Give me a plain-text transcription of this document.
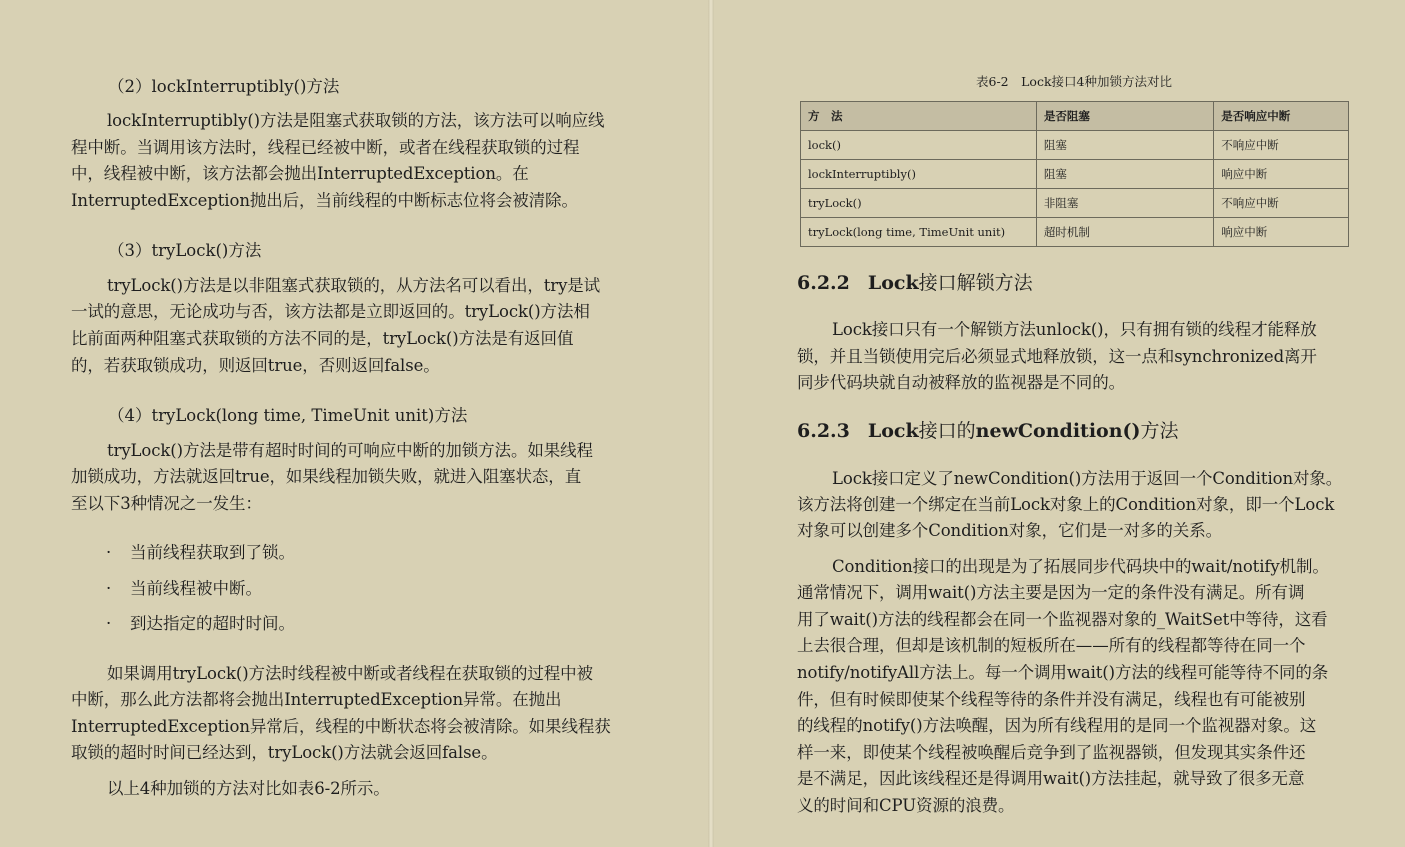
（2）lockInterruptibly()方法
lockInterruptibly()方法是阻塞式获取锁的方法，该方法可以响应线
程中断。当调用该方法时，线程已经被中断，或者在线程获取锁的过程
中，线程被中断，该方法都会抛出InterruptedException。在
InterruptedException抛出后，当前线程的中断标志位将会被清除。
（3）tryLock()方法
tryLock()方法是以非阻塞式获取锁的，从方法名可以看出，try是试
一试的意思，无论成功与否，该方法都是立即返回的。tryLock()方法相
比前面两种阻塞式获取锁的方法不同的是，tryLock()方法是有返回值
的，若获取锁成功，则返回true，否则返回false。
（4）tryLock(long time, TimeUnit unit)方法
tryLock()方法是带有超时时间的可响应中断的加锁方法。如果线程
加锁成功，方法就返回true，如果线程加锁失败，就进入阻塞状态，直
至以下3种情况之一发生：
· 当前线程获取到了锁。
· 当前线程被中断。
· 到达指定的超时时间。
如果调用tryLock()方法时线程被中断或者线程在获取锁的过程中被
中断，那么此方法都将会抛出InterruptedException异常。在抛出
InterruptedException异常后，线程的中断状态将会被清除。如果线程获
取锁的超时时间已经达到，tryLock()方法就会返回false。
以上4种加锁的方法对比如表6-2所示。
表6-2　Lock接口4种加锁方法对比
方　法	是否阻塞	是否响应中断
lock()	阻塞	不响应中断
lockInterruptibly()	阻塞	响应中断
tryLock()	非阻塞	不响应中断
tryLock(long time, TimeUnit unit)	超时机制	响应中断
6.2.2 Lock接口解锁方法
Lock接口只有一个解锁方法unlock()，只有拥有锁的线程才能释放
锁，并且当锁使用完后必须显式地释放锁，这一点和synchronized离开
同步代码块就自动被释放的监视器是不同的。
6.2.3 Lock接口的newCondition()方法
Lock接口定义了newCondition()方法用于返回一个Condition对象。
该方法将创建一个绑定在当前Lock对象上的Condition对象，即一个Lock
对象可以创建多个Condition对象，它们是一对多的关系。
Condition接口的出现是为了拓展同步代码块中的wait/notify机制。
通常情况下，调用wait()方法主要是因为一定的条件没有满足。所有调
用了wait()方法的线程都会在同一个监视器对象的_WaitSet中等待，这看
上去很合理，但却是该机制的短板所在——所有的线程都等待在同一个
notify/notifyAll方法上。每一个调用wait()方法的线程可能等待不同的条
件，但有时候即使某个线程等待的条件并没有满足，线程也有可能被别
的线程的notify()方法唤醒，因为所有线程用的是同一个监视器对象。这
样一来，即使某个线程被唤醒后竞争到了监视器锁，但发现其实条件还
是不满足，因此该线程还是得调用wait()方法挂起，就导致了很多无意
义的时间和CPU资源的浪费。
